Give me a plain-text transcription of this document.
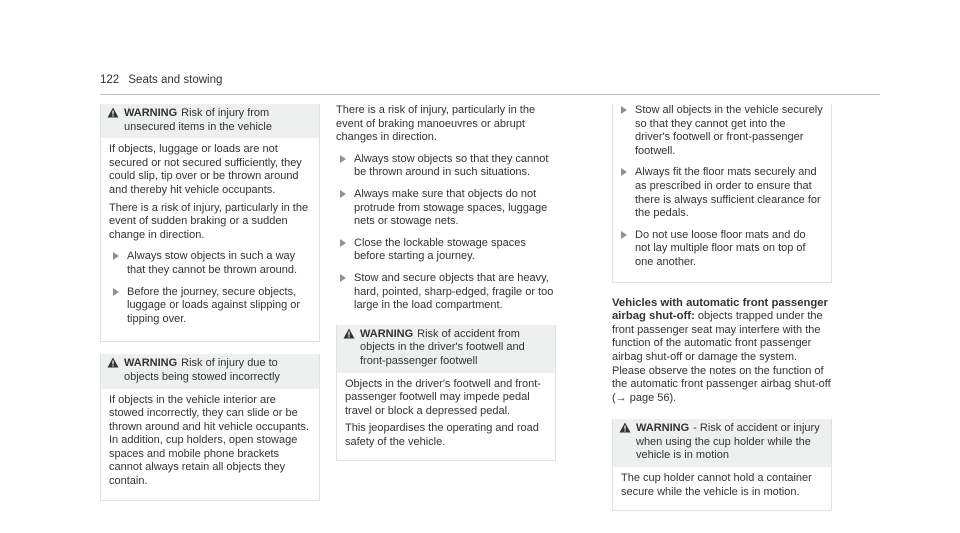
122 Seats and stowing
WARNING Risk of injury from unsecured items in the vehicle

If objects, luggage or loads are not secured or not secured sufficiently, they could slip, tip over or be thrown around and thereby hit vehicle occupants.

There is a risk of injury, particularly in the event of sudden braking or a sudden change in direction.

Always stow objects in such a way that they cannot be thrown around.
Before the journey, secure objects, luggage or loads against slipping or tipping over.
WARNING Risk of injury due to objects being stowed incorrectly

If objects in the vehicle interior are stowed incorrectly, they can slide or be thrown around and hit vehicle occupants. In addition, cup holders, open stowage spaces and mobile phone brackets cannot always retain all objects they contain.

There is a risk of injury, particularly in the event of braking manoeuvres or abrupt changes in direction.

Always stow objects so that they cannot be thrown around in such situations.
Always make sure that objects do not protrude from stowage spaces, luggage nets or stowage nets.
Close the lockable stowage spaces before starting a journey.
Stow and secure objects that are heavy, hard, pointed, sharp-edged, fragile or too large in the load compartment.
WARNING Risk of accident from objects in the driver's footwell and front-passenger footwell

Objects in the driver's footwell and front-passenger footwell may impede pedal travel or block a depressed pedal.

This jeopardises the operating and road safety of the vehicle.

Stow all objects in the vehicle securely so that they cannot get into the driver's footwell or front-passenger footwell.
Always fit the floor mats securely and as prescribed in order to ensure that there is always sufficient clearance for the pedals.
Do not use loose floor mats and do not lay multiple floor mats on top of one another.
Vehicles with automatic front passenger airbag shut-off: objects trapped under the front passenger seat may interfere with the function of the automatic front passenger airbag shut-off or damage the system. Please observe the notes on the function of the automatic front passenger airbag shut-off (→ page 56).
WARNING - Risk of accident or injury when using the cup holder while the vehicle is in motion

The cup holder cannot hold a container secure while the vehicle is in motion.
